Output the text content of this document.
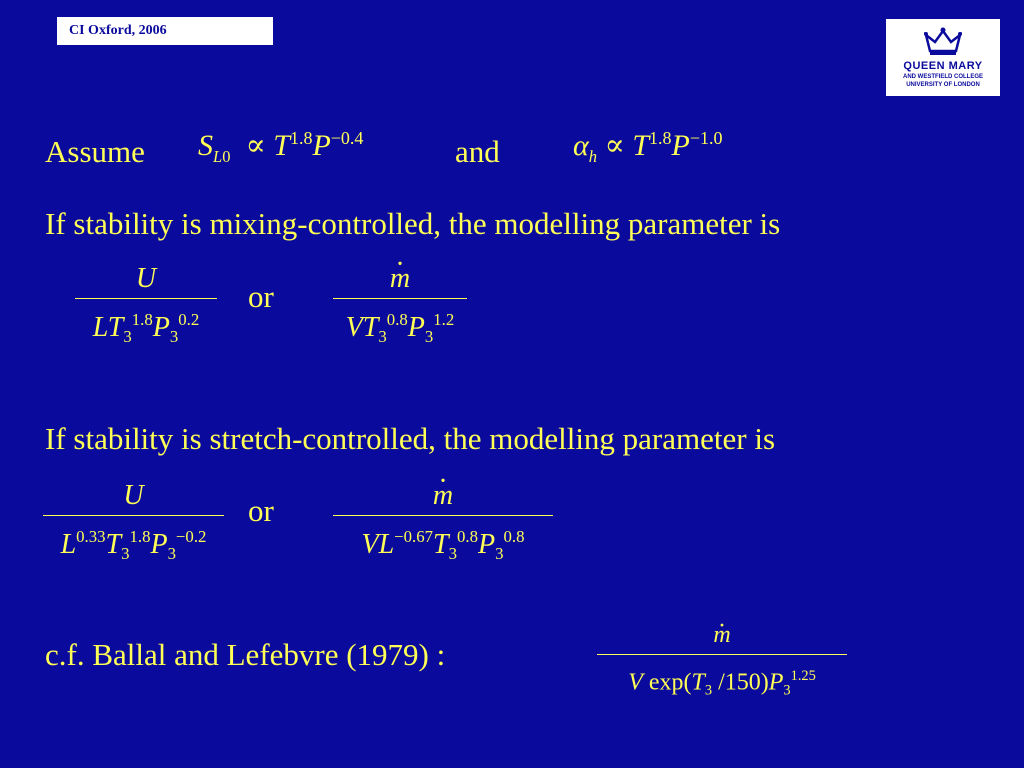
CI Oxford, 2006
QUEEN MARY
AND WESTFIELD COLLEGE
UNIVERSITY OF LONDON
Assume $S_{L0} \propto T^{1.8}P^{-0.4}$	and $\alpha_h \propto T^{1.8}P^{-1.0}$
If stability is mixing-controlled, the modelling parameter is
U
$LT_3^{1.8}P_3^{0.2}$
or
· m
$VT_3^{0.8}P_3^{1.2}$
If stability is stretch-controlled, the modelling parameter is
U
$L^{0.33}T_3^{1.8}P_3^{-0.2}$
or
·	m
$VL^{-0.67}T_3^{0.8}P_3^{0.8}$
c.f. Ballal and Lefebvre (1979) :
· m
V $\exp(T_3$ $/150)P_3^{1.25}$
